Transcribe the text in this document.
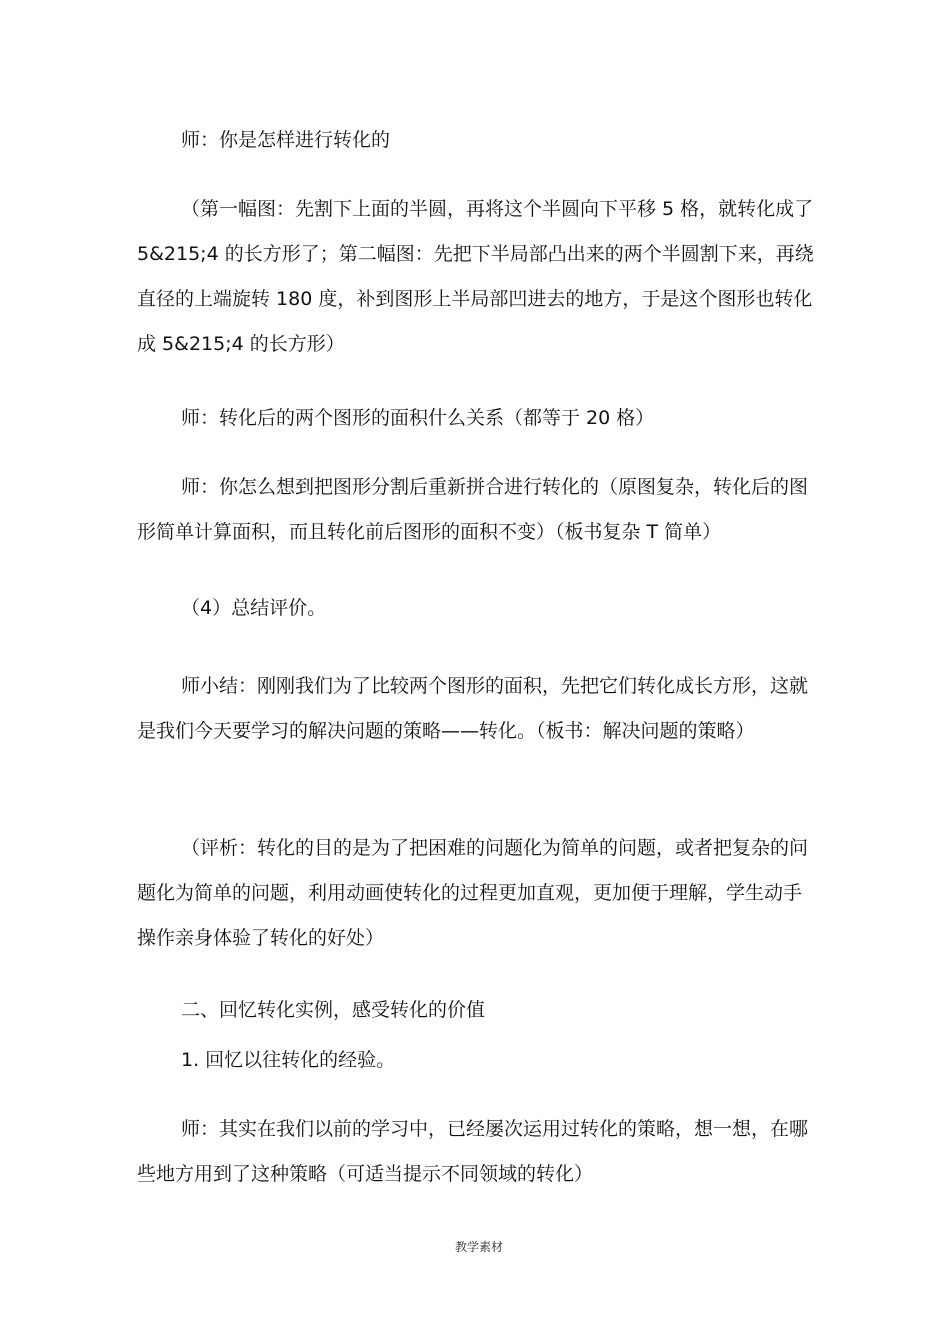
师：你是怎样进行转化的

（第一幅图：先割下上面的半圆，再将这个半圆向下平移 5 格，就转化成了 5&215;4 的长方形了；第二幅图：先把下半局部凸出来的两个半圆割下来，再绕直径的上端旋转 180 度，补到图形上半局部凹进去的地方，于是这个图形也转化成 5&215;4 的长方形）

师：转化后的两个图形的面积什么关系（都等于 20 格）

师：你怎么想到把图形分割后重新拼合进行转化的（原图复杂，转化后的图形简单计算面积，而且转化前后图形的面积不变）（板书复杂 T 简单）

（4）总结评价。

师小结：刚刚我们为了比较两个图形的面积，先把它们转化成长方形，这就是我们今天要学习的解决问题的策略——转化。（板书：解决问题的策略）

（评析：转化的目的是为了把困难的问题化为简单的问题，或者把复杂的问题化为简单的问题，利用动画使转化的过程更加直观，更加便于理解，学生动手操作亲身体验了转化的好处）

二、回忆转化实例，感受转化的价值

1. 回忆以往转化的经验。

师：其实在我们以前的学习中，已经屡次运用过转化的策略，想一想，在哪些地方用到了这种策略（可适当提示不同领域的转化）

教学素材
